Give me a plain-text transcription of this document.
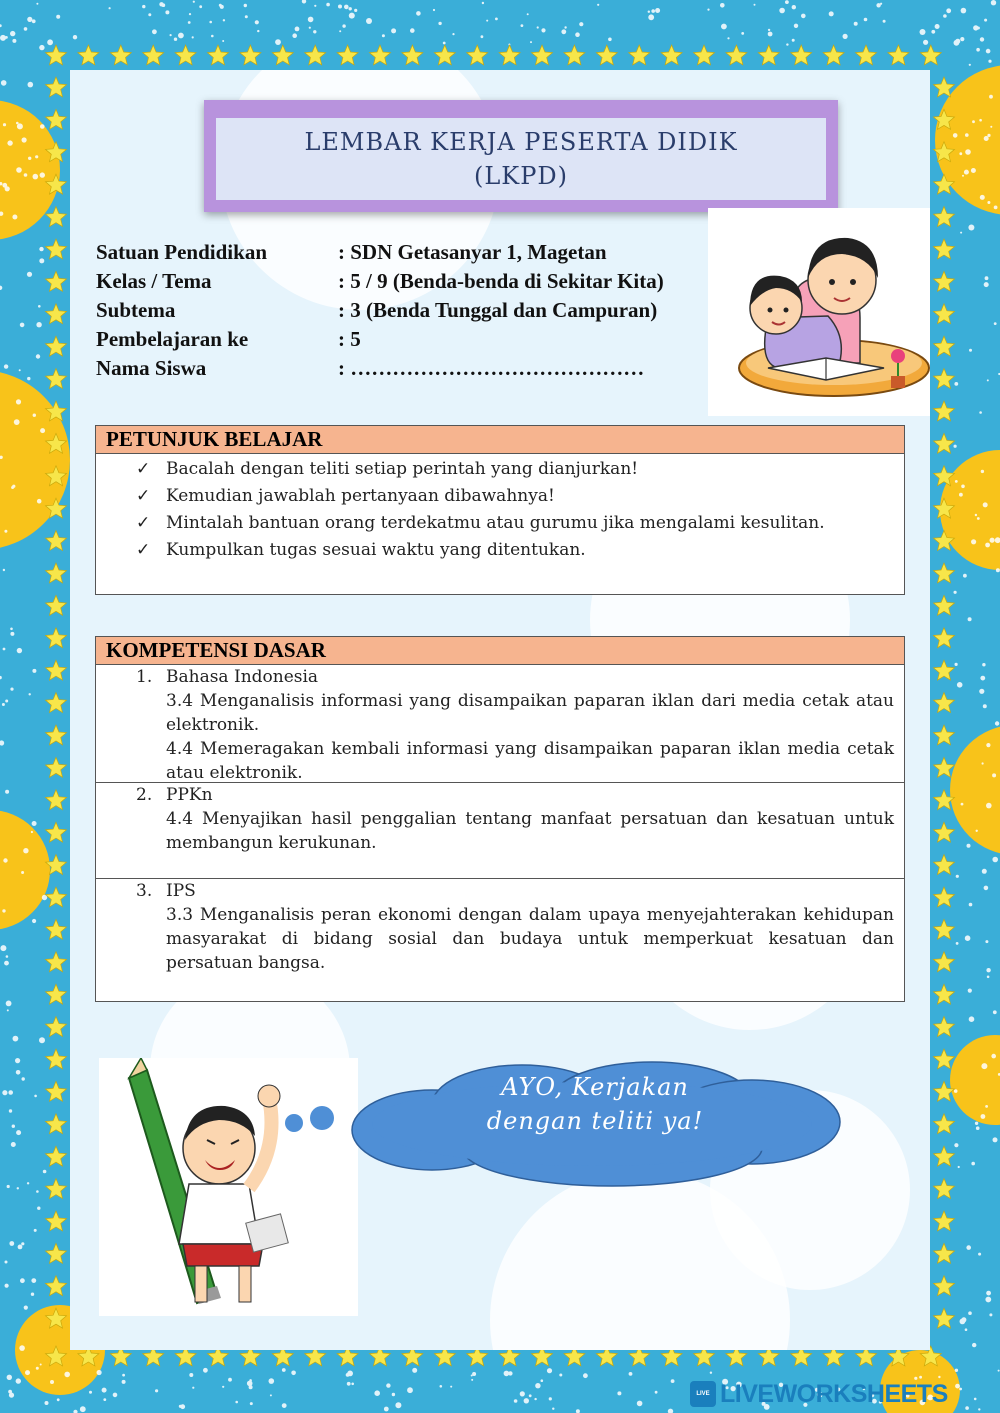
LEMBAR KERJA PESERTA DIDIK
(LKPD)
Satuan Pendidikan	: SDN Getasanyar 1, Magetan
Kelas / Tema	: 5 / 9 (Benda-benda di Sekitar Kita)
Subtema	: 3 (Benda Tunggal dan Campuran)
Pembelajaran ke	: 5
Nama Siswa	: ……………………………………
PETUNJUK BELAJAR
✓ Bacalah dengan teliti setiap perintah yang dianjurkan!
✓ Kemudian jawablah pertanyaan dibawahnya!
✓ Mintalah bantuan orang terdekatmu atau gurumu jika mengalami kesulitan.
✓ Kumpulkan tugas sesuai waktu yang ditentukan.
KOMPETENSI DASAR
1. Bahasa Indonesia
3.4 Menganalisis informasi yang disampaikan paparan iklan dari media cetak atau elektronik.
4.4 Memeragakan kembali informasi yang disampaikan paparan iklan media cetak atau elektronik.
2. PPKn
4.4 Menyajikan hasil penggalian tentang manfaat persatuan dan kesatuan untuk membangun kerukunan.
3. IPS
3.3 Menganalisis peran ekonomi dengan dalam upaya menyejahterakan kehidupan masyarakat di bidang sosial dan budaya untuk memperkuat kesatuan dan persatuan bangsa.
AYO, Kerjakan
dengan teliti ya!
LIVE LIVEWORKSHEETS
